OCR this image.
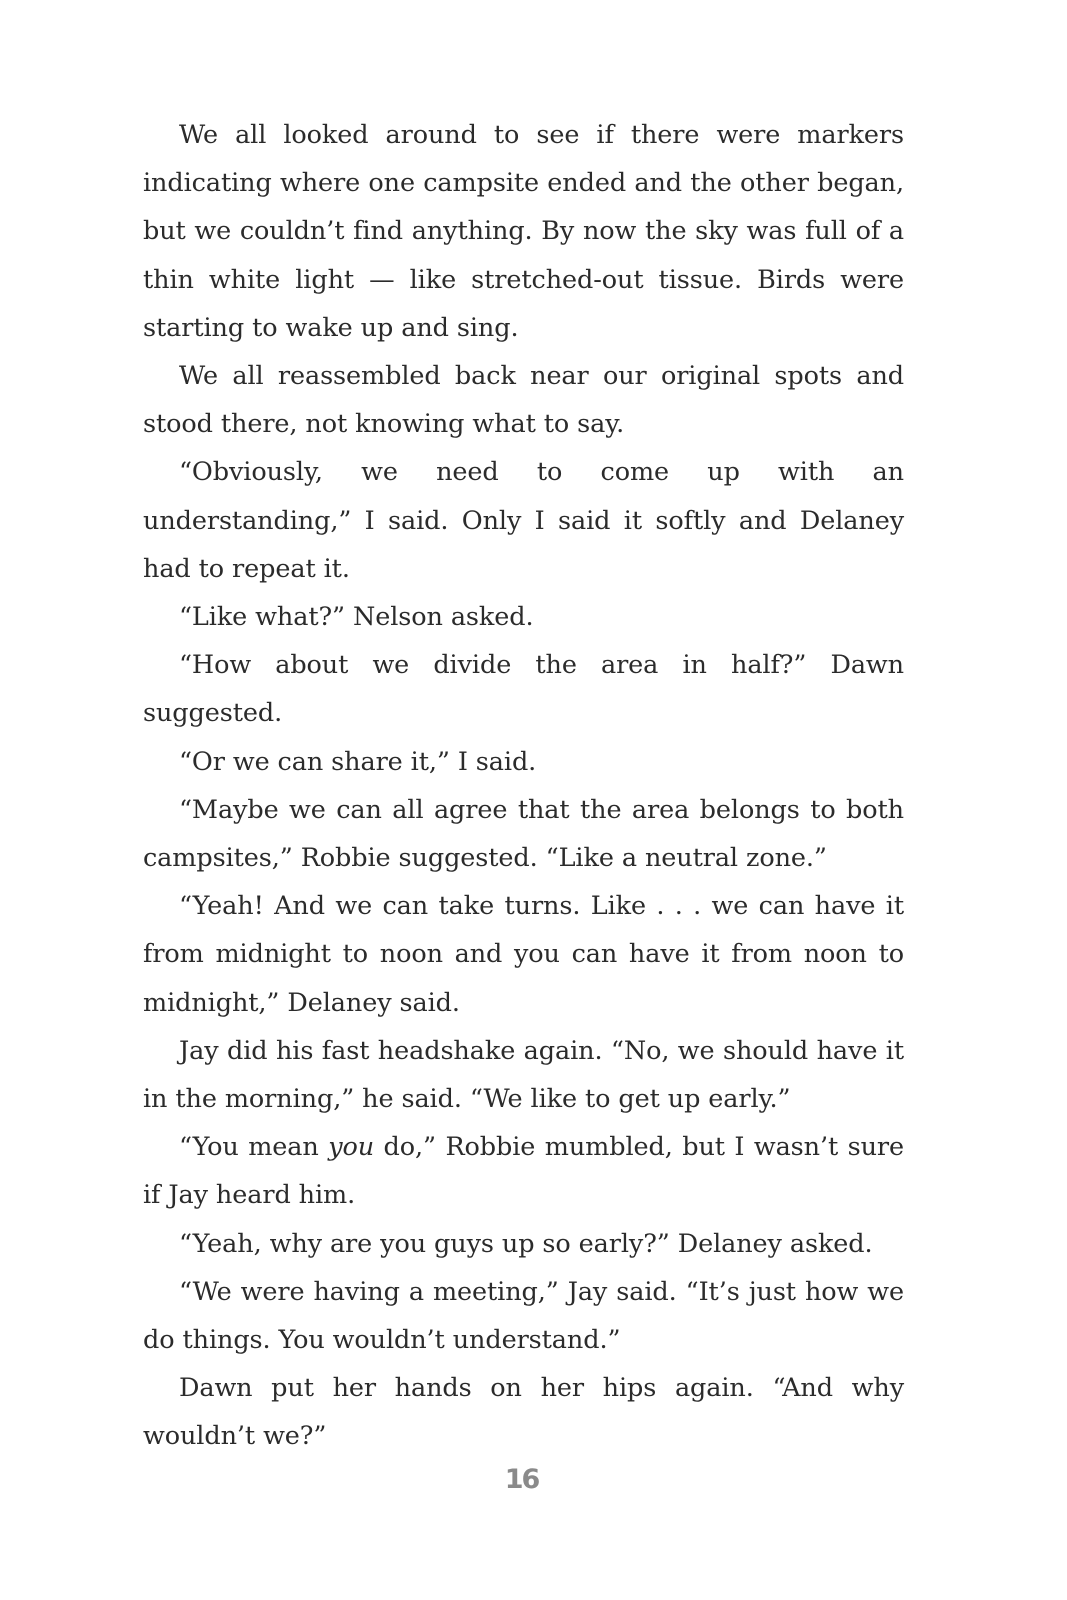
We all looked around to see if there were markers indicating where one campsite ended and the other began, but we couldn’t find anything. By now the sky was full of a thin white light — like stretched-out tissue. Birds were starting to wake up and sing.

We all reassembled back near our original spots and stood there, not knowing what to say.

“Obviously, we need to come up with an understanding,” I said. Only I said it softly and Delaney had to repeat it.

“Like what?” Nelson asked.

“How about we divide the area in half?” Dawn suggested.

“Or we can share it,” I said.

“Maybe we can all agree that the area belongs to both campsites,” Robbie suggested. “Like a neutral zone.”

“Yeah! And we can take turns. Like . . . we can have it from midnight to noon and you can have it from noon to midnight,” Delaney said.

Jay did his fast headshake again. “No, we should have it in the morning,” he said. “We like to get up early.”

“You mean you do,” Robbie mumbled, but I wasn’t sure if Jay heard him.

“Yeah, why are you guys up so early?” Delaney asked.

“We were having a meeting,” Jay said. “It’s just how we do things. You wouldn’t understand.”

Dawn put her hands on her hips again. “And why wouldn’t we?”

16
